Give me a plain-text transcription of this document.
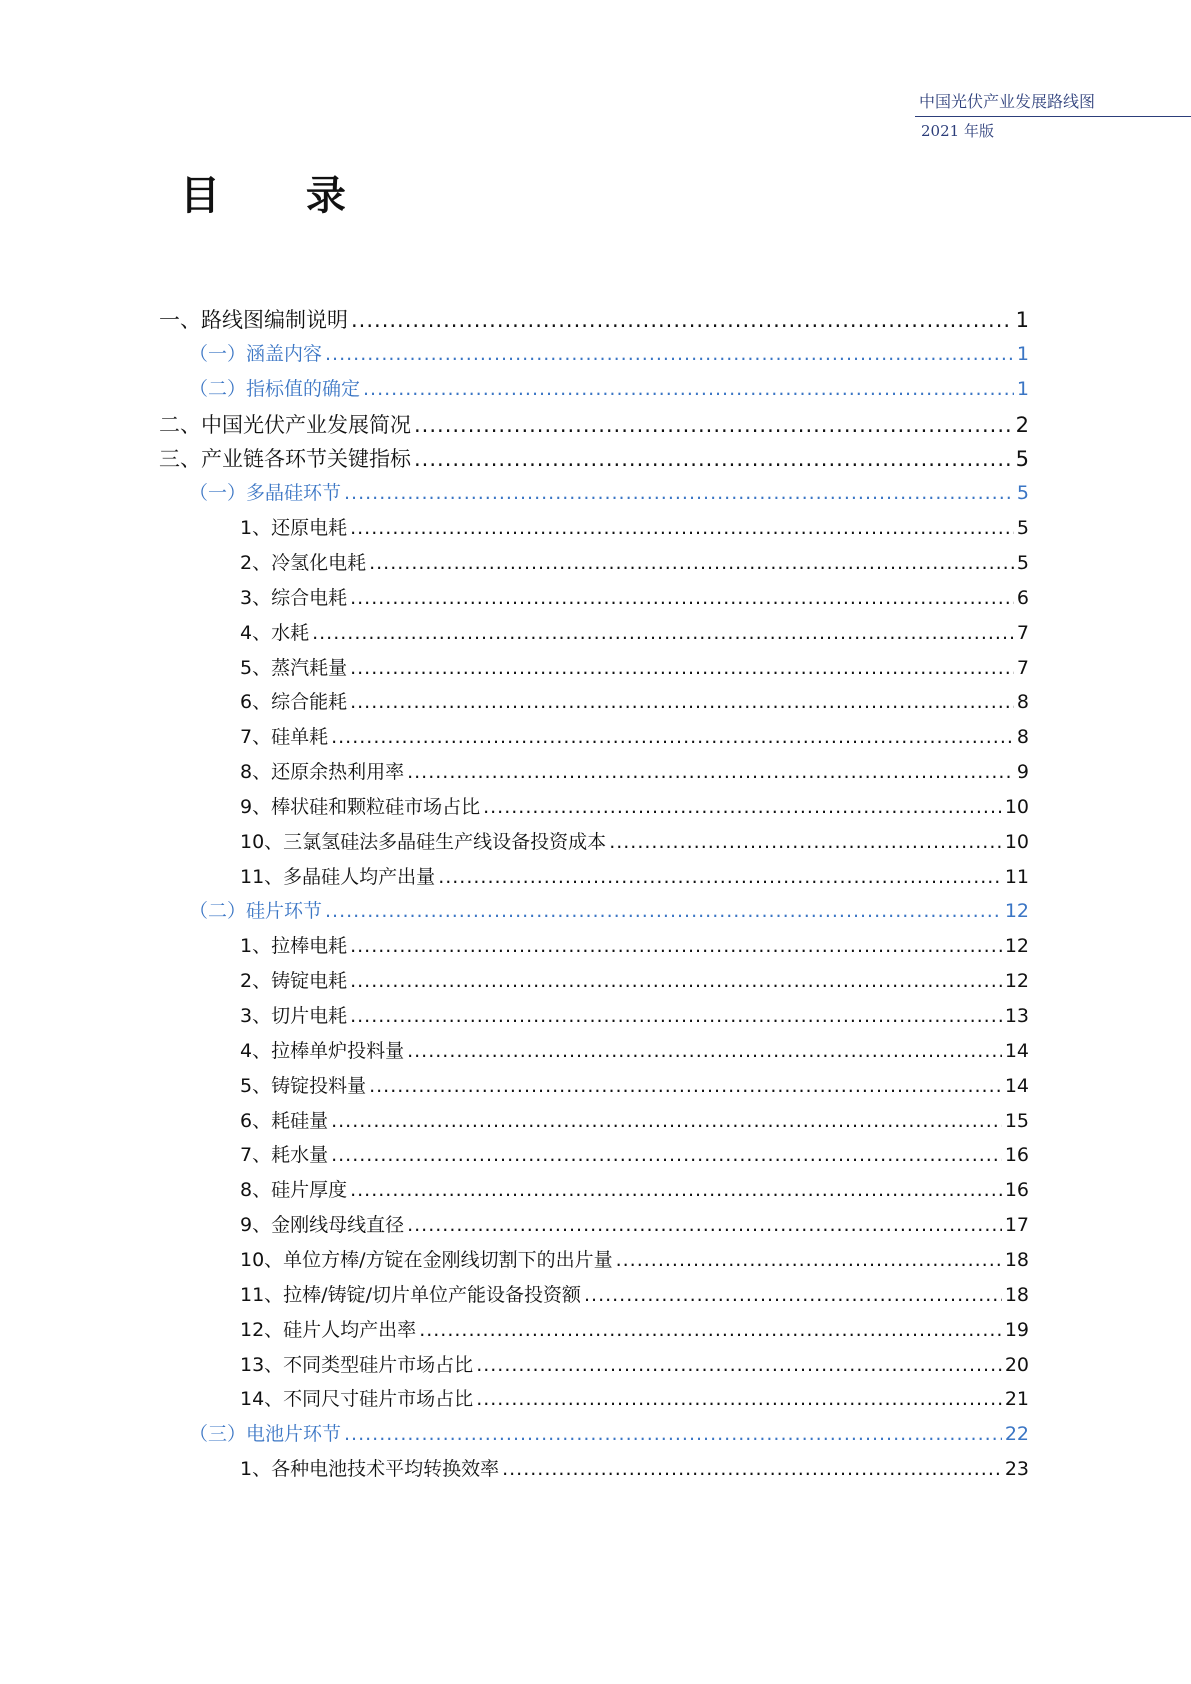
中国光伏产业发展路线图
2021 年版
目 录
一、路线图编制说明 .....	1
（一）涵盖内容 .....	1
（二）指标值的确定 .....	1
二、中国光伏产业发展简况 .....	2
三、产业链各环节关键指标 .....	5
（一）多晶硅环节 .....	5
1、还原电耗 .....	5
2、冷氢化电耗 .....	5
3、综合电耗 .....	6
4、水耗 .....	7
5、蒸汽耗量 .....	7
6、综合能耗 .....	8
7、硅单耗 .....	8
8、还原余热利用率 .....	9
9、棒状硅和颗粒硅市场占比 .....	10
10、三氯氢硅法多晶硅生产线设备投资成本 .....	10
11、多晶硅人均产出量 .....	11
（二）硅片环节 .....	12
1、拉棒电耗 .....	12
2、铸锭电耗 .....	12
3、切片电耗 .....	13
4、拉棒单炉投料量 .....	14
5、铸锭投料量 .....	14
6、耗硅量 .....	15
7、耗水量 .....	16
8、硅片厚度 .....	16
9、金刚线母线直径 .....	17
10、单位方棒/方锭在金刚线切割下的出片量 .....	18
11、拉棒/铸锭/切片单位产能设备投资额 .....	18
12、硅片人均产出率 .....	19
13、不同类型硅片市场占比 .....	20
14、不同尺寸硅片市场占比 .....	21
（三）电池片环节 .....	22
1、各种电池技术平均转换效率 .....	23
